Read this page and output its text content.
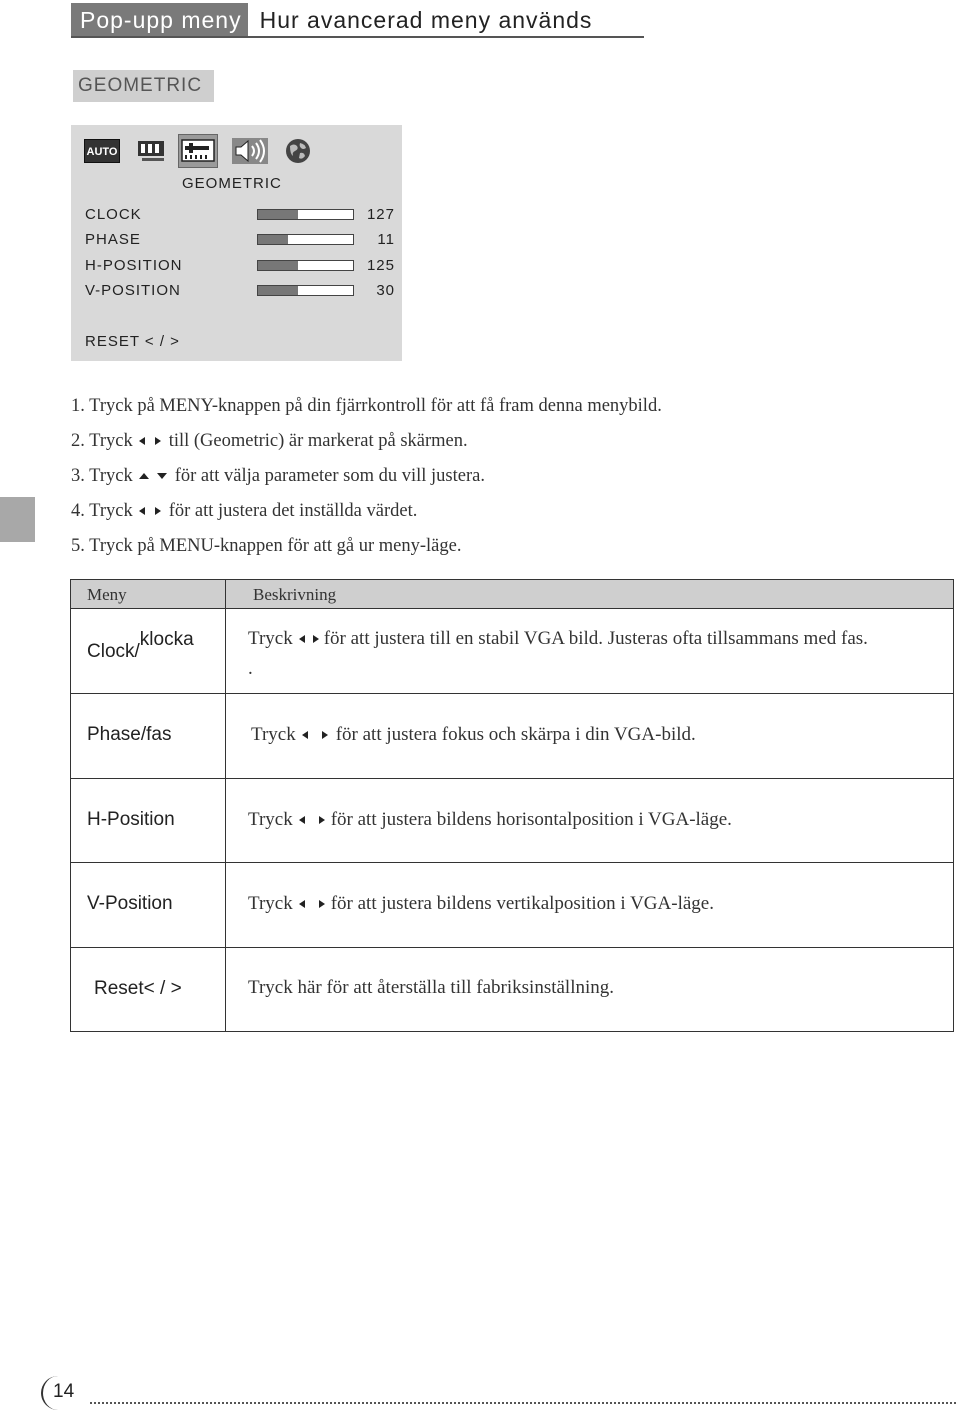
Pop-upp meny Hur avancerad meny används
GEOMETRIC
AUTO
GEOMETRIC
CLOCK	127
PHASE	11
H-POSITION	125
V-POSITION	30
RESET < / >
1. Tryck på MENY-knappen på din fjärrkontroll för att få fram denna menybild.
2. Tryck till (Geometric) är markerat på skärmen.
3. Tryck för att välja parameter som du vill justera.
4. Tryck för att justera det inställda värdet.
5. Tryck på MENU-knappen för att gå ur meny-läge.
Meny	Beskrivning
Clock/klocka	Tryck för att justera till en stabil VGA bild. Justeras ofta tillsammans med fas.
.
Phase/fas	Tryck för att justera fokus och skärpa i din VGA-bild.
H-Position	Tryck för att justera bildens horisontalposition i VGA-läge.
V-Position	Tryck för att justera bildens vertikalposition i VGA-läge.
Reset< / >	Tryck här för att återställa till fabriksinställning.
14
